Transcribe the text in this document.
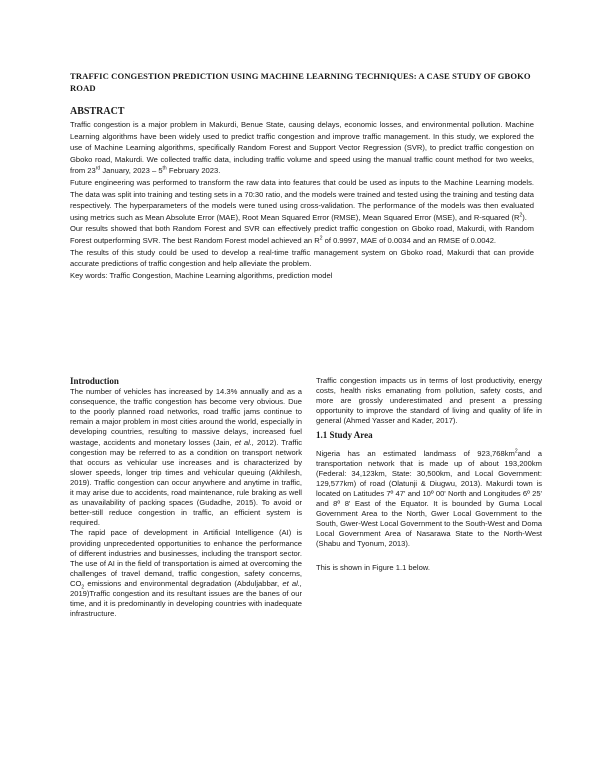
TRAFFIC CONGESTION PREDICTION USING MACHINE LEARNING TECHNIQUES: A CASE STUDY OF GBOKO ROAD
ABSTRACT

Traffic congestion is a major problem in Makurdi, Benue State, causing delays, economic losses, and environmental pollution. Machine Learning algorithms have been widely used to predict traffic congestion and improve traffic management. In this study, we explored the use of Machine Learning algorithms, specifically Random Forest and Support Vector Regression (SVR), to predict traffic congestion on Gboko road, Makurdi. We collected traffic data, including traffic volume and speed using the manual traffic count method for two weeks, from 23rd January, 2023 – 5th February 2023.

Future engineering was performed to transform the raw data into features that could be used as inputs to the Machine Learning models. The data was split into training and testing sets in a 70:30 ratio, and the models were trained and tested using the training and testing data respectively. The hyperparameters of the models were tuned using cross-validation. The performance of the models was then evaluated using metrics such as Mean Absolute Error (MAE), Root Mean Squared Error (RMSE), Mean Squared Error (MSE), and R-squared $(R^2)$.

Our results showed that both Random Forest and SVR can effectively predict traffic congestion on Gboko road, Makurdi, with Random Forest outperforming SVR. The best Random Forest model achieved an $R^2$ of 0.9997, MAE of 0.0034 and an RMSE of 0.0042.

The results of this study could be used to develop a real-time traffic management system on Gboko road, Makurdi that can provide accurate predictions of traffic congestion and help alleviate the problem.

Key words: Traffic Congestion, Machine Learning algorithms, prediction model

Introduction

The number of vehicles has increased by 14.3% annually and as a consequence, the traffic congestion has become very obvious. Due to the poorly planned road networks, road traffic jams continue to remain a major problem in most cities around the world, especially in developing countries, resulting to massive delays, increased fuel wastage, accidents and monetary losses (Jain, et al., 2012). Traffic congestion may be referred to as a condition on transport network that occurs as vehicular use increases and is characterized by slower speeds, longer trip times and vehicular queuing (Akhilesh, 2019). Traffic congestion can occur anywhere and anytime in traffic, it may arise due to accidents, road maintenance, rule braking as well as unavailability of packing spaces (Gudadhe, 2015). To avoid or better-still reduce congestion in traffic, an efficient system is required.

The rapid pace of development in Artificial Intelligence (AI) is providing unprecedented opportunities to enhance the performance of different industries and businesses, including the transport sector. The use of AI in the field of transportation is aimed at overcoming the challenges of travel demand, traffic congestion, safety concerns, $CO_2$ emissions and environmental degradation (Abduljabbar, et al., 2019)Traffic congestion and its resultant issues are the banes of our time, and it is predominantly in developing countries with inadequate infrastructure.

Traffic congestion impacts us in terms of lost productivity, energy costs, health risks emanating from pollution, safety costs, and more are grossly underestimated and present a pressing opportunity to improve the standard of living and quality of life in general (Ahmed Yasser and Kader, 2017).

1.1 Study Area

Nigeria has an estimated landmass of $923,768km^2and$ a transportation network that is made up of about 193,200km (Federal: 34,123km, State: 30,500km, and Local Government: 129,577km) of road (Olatunji & Diugwu, 2013). Makurdi town is located on Latitudes 7º 47' and 10º 00' North and Longitudes 6º 25' and 8º 8' East of the Equator. It is bounded by Guma Local Government Area to the North, Gwer Local Government to the South, Gwer-West Local Government to the South-West and Doma Local Government Area of Nasarawa State to the North-West (Shabu and Tyonum, 2013).

This is shown in Figure 1.1 below.
